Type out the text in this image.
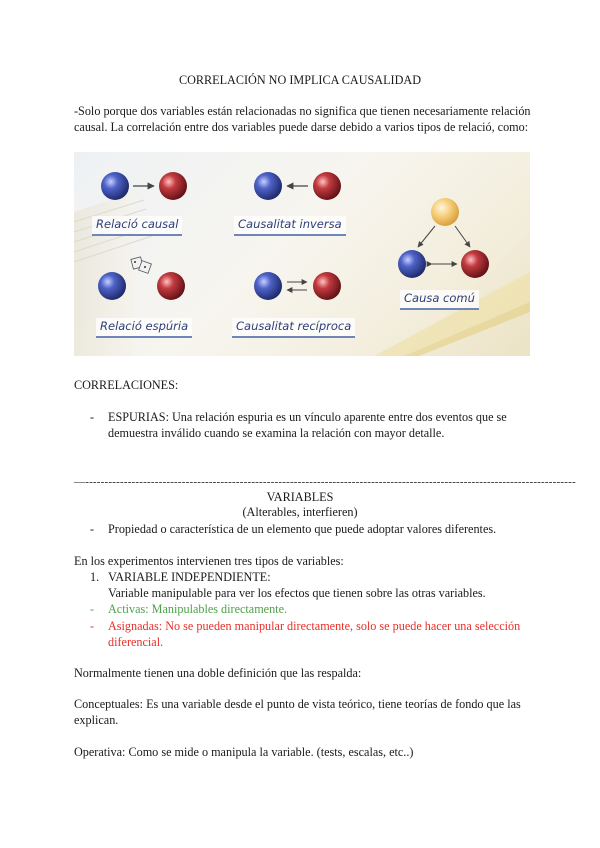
CORRELACIÓN NO IMPLICA CAUSALIDAD
-Solo porque dos variables están relacionadas no significa que tienen necesariamente relación causal. La correlación entre dos variables puede darse debido a varios tipos de relació, como:
Relació causal	Causalitat inversa
Causa comú
Relació espúria	Causalitat recíproca
CORRELACIONES:
- ESPURIAS: Una relación espuria es un vínculo aparente entre dos eventos que se demuestra inválido cuando se examina la relación con mayor detalle.
—-------------------------------------------------------------------------------------------------------------------------------
VARIABLES
(Alterables, interfieren)
- Propiedad o característica de un elemento que puede adoptar valores diferentes.
En los experimentos intervienen tres tipos de variables:
1. VARIABLE INDEPENDIENTE:
Variable manipulable para ver los efectos que tienen sobre las otras variables.
- Activas: Manipulables directamente.
- Asignadas: No se pueden manipular directamente, solo se puede hacer una selección diferencial.
Normalmente tienen una doble definición que las respalda:
Conceptuales: Es una variable desde el punto de vista teórico, tiene teorías de fondo que las explican.
Operativa: Como se mide o manipula la variable. (tests, escalas, etc..)
